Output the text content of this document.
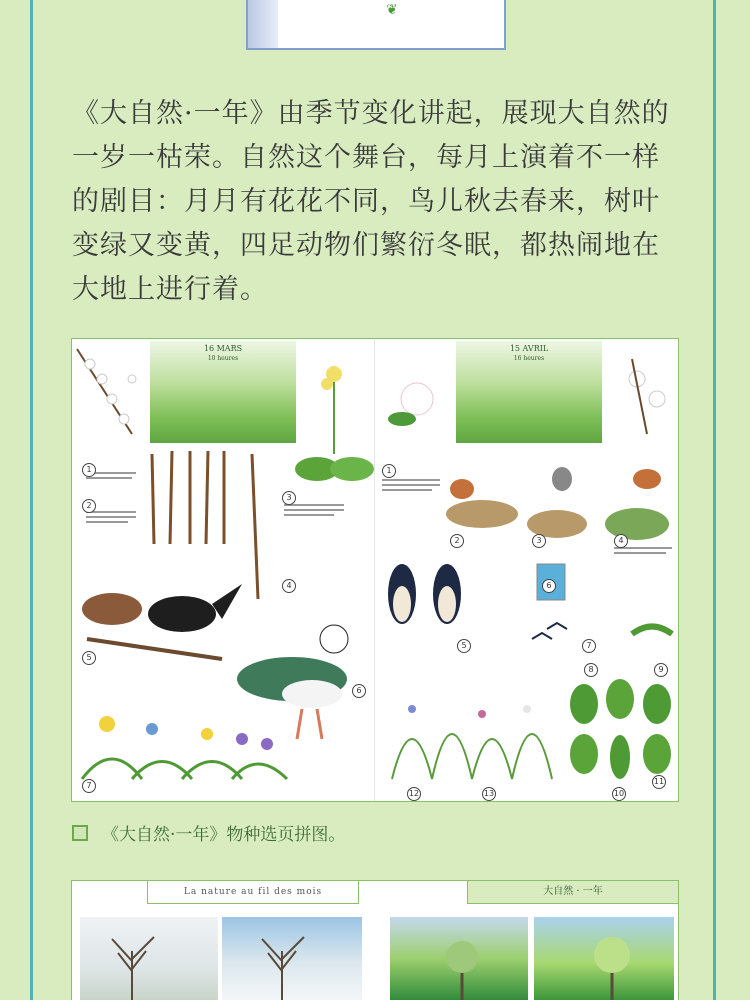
❦
《大自然·一年》由季节变化讲起，展现大自然的
一岁一枯荣。自然这个舞台，每月上演着不一样
的剧目：月月有花花不同，鸟儿秋去春来，树叶
变绿又变黄，四足动物们繁衍冬眠，都热闹地在
大地上进行着。
16 MARS
10 heures
15 AVRIL
16 heures
1
2
3
4
5
6
7
1
2	3	4
5
6
7
8	9
10
11
12	13
《大自然·一年》物种选页拼图。
La nature au fil des mois	大自然 · 一年
